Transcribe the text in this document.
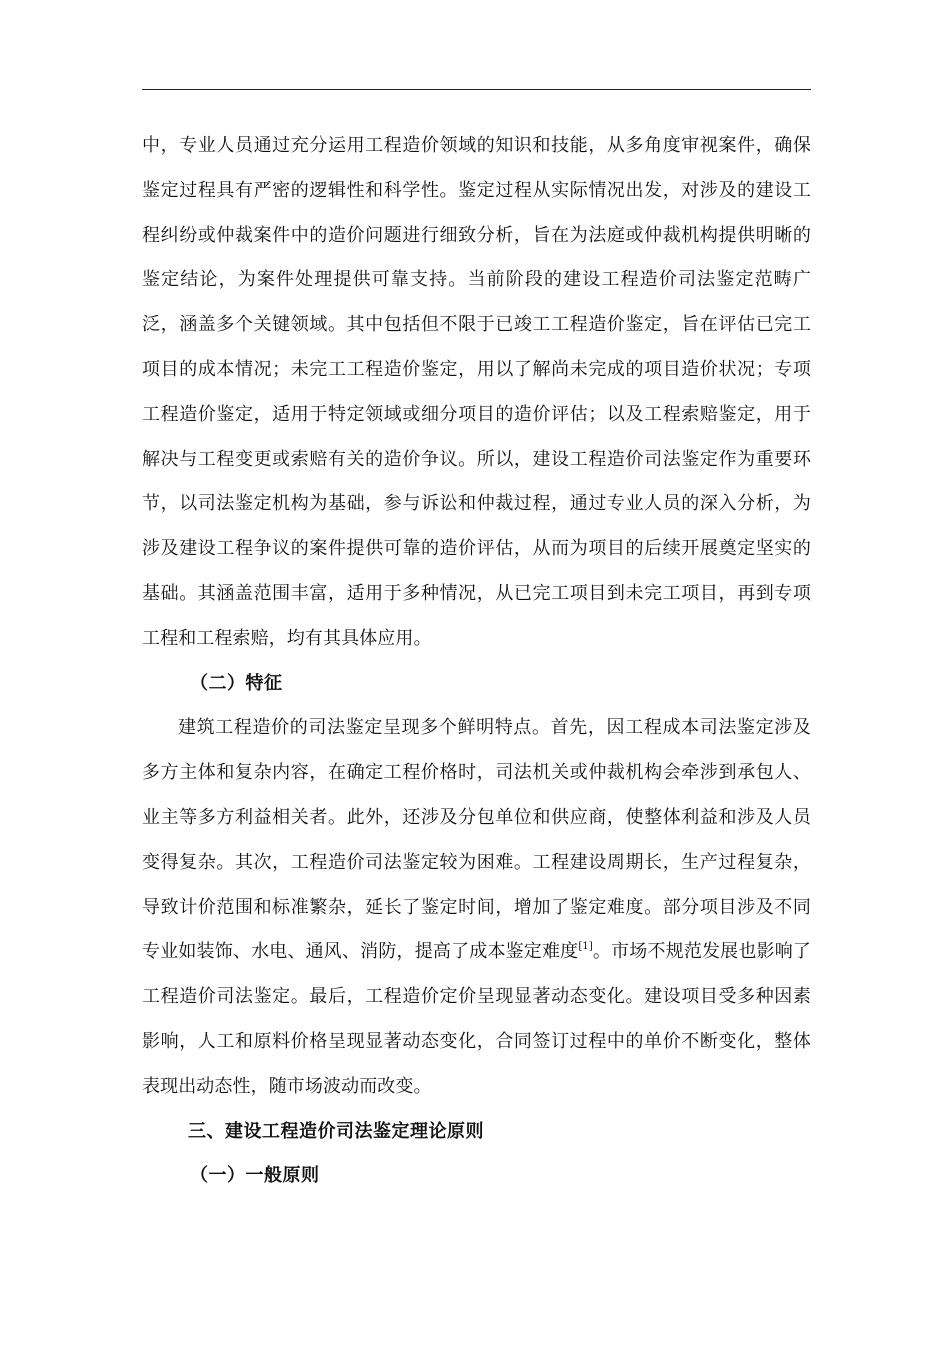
中，专业人员通过充分运用工程造价领域的知识和技能，从多角度审视案件，确保鉴定过程具有严密的逻辑性和科学性。鉴定过程从实际情况出发，对涉及的建设工程纠纷或仲裁案件中的造价问题进行细致分析，旨在为法庭或仲裁机构提供明晰的鉴定结论，为案件处理提供可靠支持。当前阶段的建设工程造价司法鉴定范畴广泛，涵盖多个关键领域。其中包括但不限于已竣工工程造价鉴定，旨在评估已完工项目的成本情况；未完工工程造价鉴定，用以了解尚未完成的项目造价状况；专项工程造价鉴定，适用于特定领域或细分项目的造价评估；以及工程索赔鉴定，用于解决与工程变更或索赔有关的造价争议。所以，建设工程造价司法鉴定作为重要环节，以司法鉴定机构为基础，参与诉讼和仲裁过程，通过专业人员的深入分析，为涉及建设工程争议的案件提供可靠的造价评估，从而为项目的后续开展奠定坚实的基础。其涵盖范围丰富，适用于多种情况，从已完工项目到未完工项目，再到专项工程和工程索赔，均有其具体应用。

（二）特征

建筑工程造价的司法鉴定呈现多个鲜明特点。首先，因工程成本司法鉴定涉及多方主体和复杂内容，在确定工程价格时，司法机关或仲裁机构会牵涉到承包人、业主等多方利益相关者。此外，还涉及分包单位和供应商，使整体利益和涉及人员变得复杂。其次，工程造价司法鉴定较为困难。工程建设周期长，生产过程复杂，导致计价范围和标准繁杂，延长了鉴定时间，增加了鉴定难度。部分项目涉及不同专业如装饰、水电、通风、消防，提高了成本鉴定难度[1]。市场不规范发展也影响了工程造价司法鉴定。最后，工程造价定价呈现显著动态变化。建设项目受多种因素影响，人工和原料价格呈现显著动态变化，合同签订过程中的单价不断变化，整体表现出动态性，随市场波动而改变。

三、建设工程造价司法鉴定理论原则

（一）一般原则
